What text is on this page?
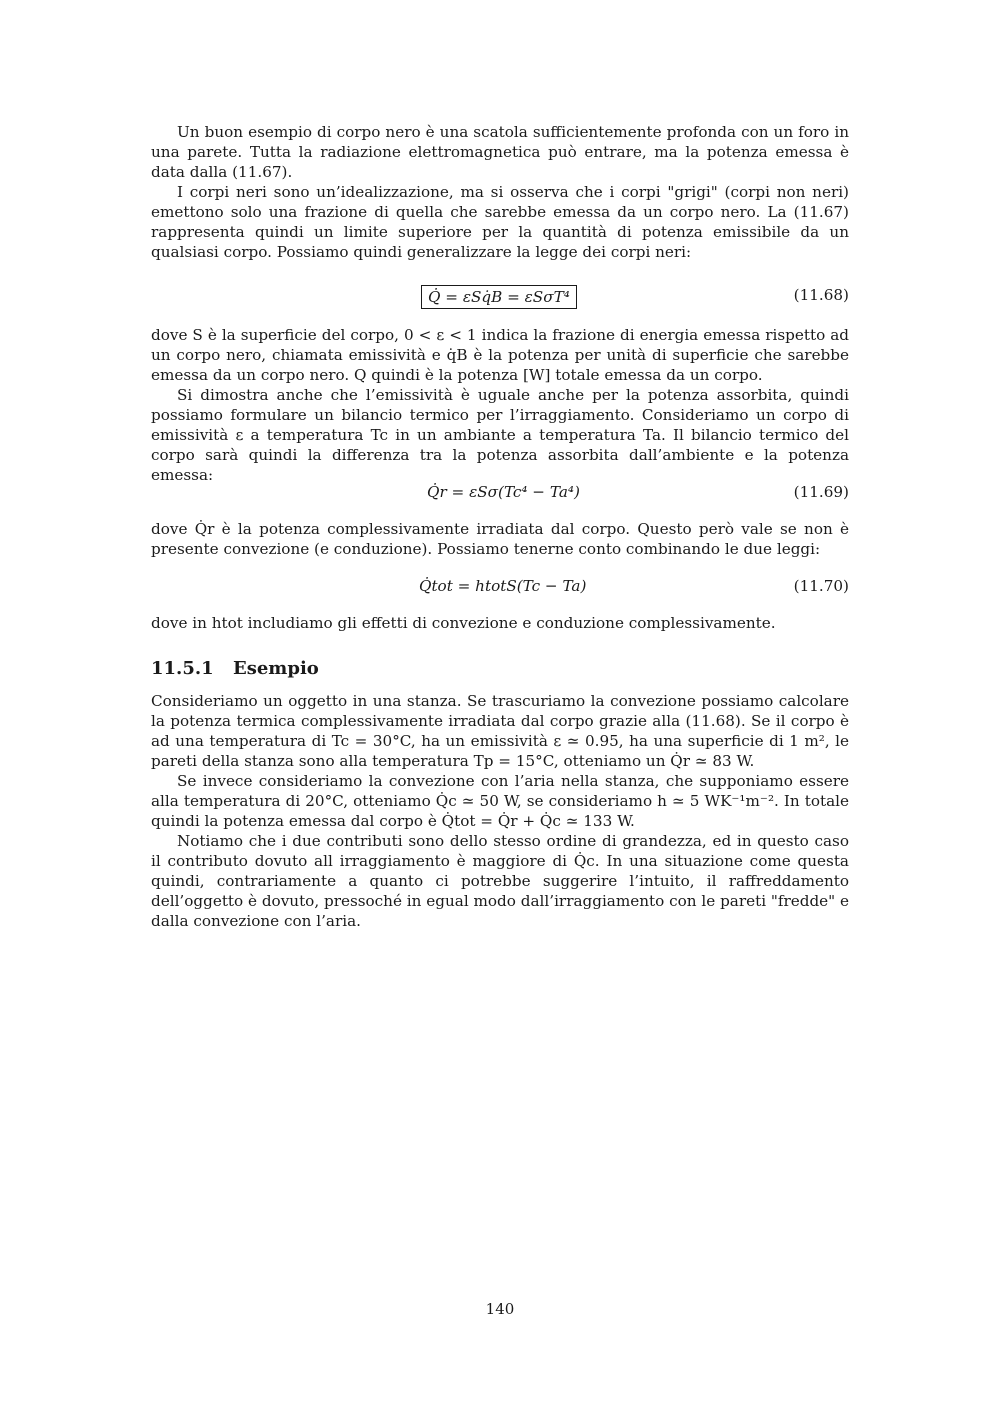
Un buon esempio di corpo nero è una scatola sufficientemente profonda con un foro in una parete. Tutta la radiazione elettromagnetica può entrare, ma la potenza emessa è data dalla (11.67).

I corpi neri sono un’idealizzazione, ma si osserva che i corpi "grigi" (corpi non neri) emettono solo una frazione di quella che sarebbe emessa da un corpo nero. La (11.67) rappresenta quindi un limite superiore per la quantità di potenza emissibile da un qualsiasi corpo. Possiamo quindi generalizzare la legge dei corpi neri:

Q̇ = εSq̇B = εSσT⁴	(11.68)

dove S è la superficie del corpo, 0 < ε < 1 indica la frazione di energia emessa rispetto ad un corpo nero, chiamata emissività e q̇B è la potenza per unità di superficie che sarebbe emessa da un corpo nero. Q quindi è la potenza [W] totale emessa da un corpo.

Si dimostra anche che l’emissività è uguale anche per la potenza assorbita, quindi possiamo formulare un bilancio termico per l’irraggiamento. Consideriamo un corpo di emissività ε a temperatura Tc in un ambiante a temperatura Ta. Il bilancio termico del corpo sarà quindi la differenza tra la potenza assorbita dall’ambiente e la potenza emessa:

Q̇r = εSσ(Tc⁴ − Ta⁴)	(11.69)

dove Q̇r è la potenza complessivamente irradiata dal corpo. Questo però vale se non è presente convezione (e conduzione). Possiamo tenerne conto combinando le due leggi:

Q̇tot = htotS(Tc − Ta)	(11.70)

dove in htot includiamo gli effetti di convezione e conduzione complessivamente.

11.5.1 Esempio

Consideriamo un oggetto in una stanza. Se trascuriamo la convezione possiamo calcolare la potenza termica complessivamente irradiata dal corpo grazie alla (11.68). Se il corpo è ad una temperatura di Tc = 30°C, ha un emissività ε ≃ 0.95, ha una superficie di 1 m², le pareti della stanza sono alla temperatura Tp = 15°C, otteniamo un Q̇r ≃ 83 W.

Se invece consideriamo la convezione con l’aria nella stanza, che supponiamo essere alla temperatura di 20°C, otteniamo Q̇c ≃ 50 W, se consideriamo h ≃ 5 WK⁻¹m⁻². In totale quindi la potenza emessa dal corpo è Q̇tot = Q̇r + Q̇c ≃ 133 W.

Notiamo che i due contributi sono dello stesso ordine di grandezza, ed in questo caso il contributo dovuto all irraggiamento è maggiore di Q̇c. In una situazione come questa quindi, contrariamente a quanto ci potrebbe suggerire l’intuito, il raffreddamento dell’oggetto è dovuto, pressoché in egual modo dall’irraggiamento con le pareti "fredde" e dalla convezione con l’aria.

140
